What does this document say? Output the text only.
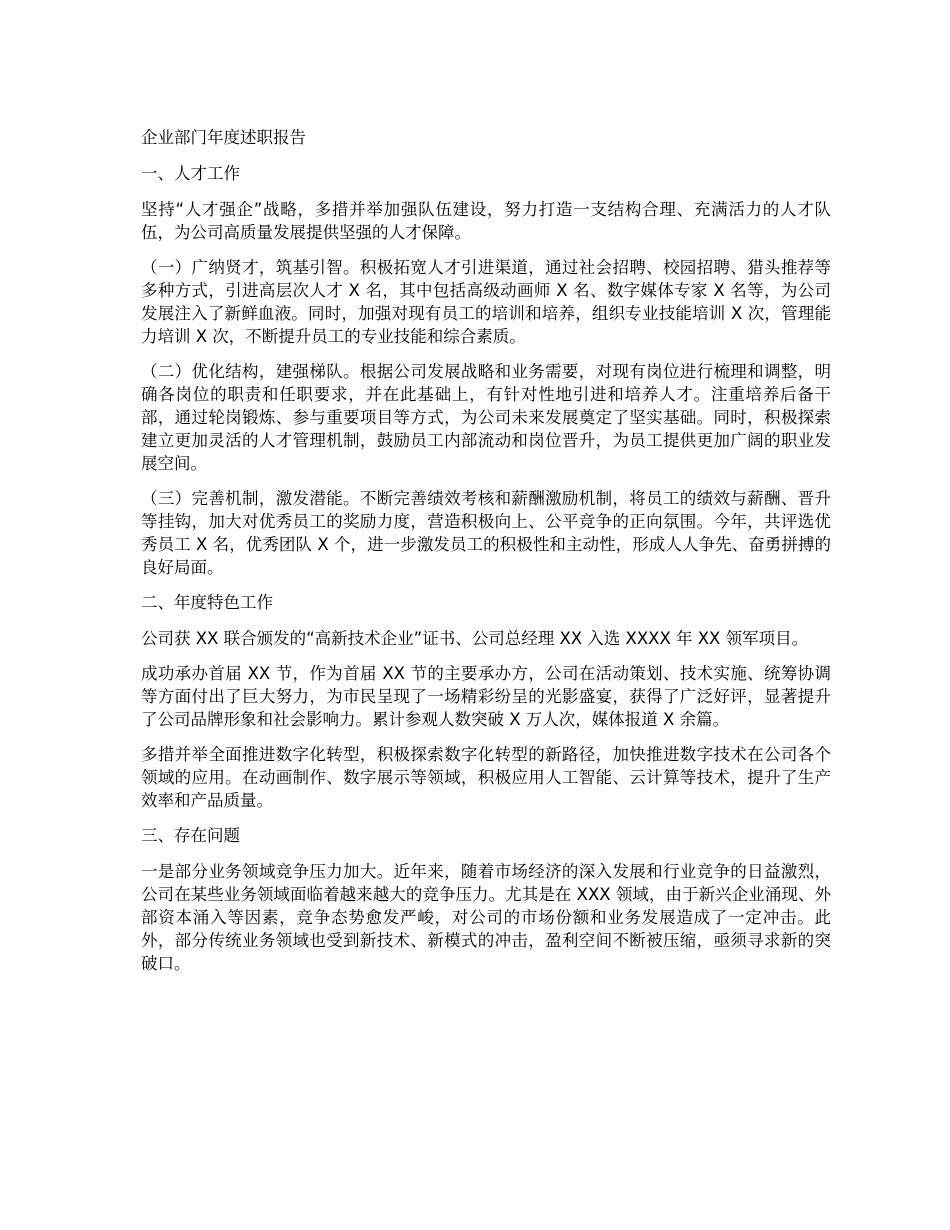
企业部门年度述职报告

一、人才工作

坚持“人才强企”战略，多措并举加强队伍建设，努力打造一支结构合理、充满活力的人才队伍，为公司高质量发展提供坚强的人才保障。

（一）广纳贤才，筑基引智。积极拓宽人才引进渠道，通过社会招聘、校园招聘、猎头推荐等多种方式，引进高层次人才 X 名，其中包括高级动画师 X 名、数字媒体专家 X 名等，为公司发展注入了新鲜血液。同时，加强对现有员工的培训和培养，组织专业技能培训 X 次，管理能力培训 X 次，不断提升员工的专业技能和综合素质。

（二）优化结构，建强梯队。根据公司发展战略和业务需要，对现有岗位进行梳理和调整，明确各岗位的职责和任职要求，并在此基础上，有针对性地引进和培养人才。注重培养后备干部，通过轮岗锻炼、参与重要项目等方式，为公司未来发展奠定了坚实基础。同时，积极探索建立更加灵活的人才管理机制，鼓励员工内部流动和岗位晋升，为员工提供更加广阔的职业发展空间。

（三）完善机制，激发潜能。不断完善绩效考核和薪酬激励机制，将员工的绩效与薪酬、晋升等挂钩，加大对优秀员工的奖励力度，营造积极向上、公平竞争的正向氛围。今年，共评选优秀员工 X 名，优秀团队 X 个，进一步激发员工的积极性和主动性，形成人人争先、奋勇拼搏的良好局面。

二、年度特色工作

公司获 XX 联合颁发的“高新技术企业”证书、公司总经理 XX 入选 XXXX 年 XX 领军项目。

成功承办首届 XX 节，作为首届 XX 节的主要承办方，公司在活动策划、技术实施、统筹协调等方面付出了巨大努力，为市民呈现了一场精彩纷呈的光影盛宴，获得了广泛好评，显著提升了公司品牌形象和社会影响力。累计参观人数突破 X 万人次，媒体报道 X 余篇。

多措并举全面推进数字化转型，积极探索数字化转型的新路径，加快推进数字技术在公司各个领域的应用。在动画制作、数字展示等领域，积极应用人工智能、云计算等技术，提升了生产效率和产品质量。

三、存在问题

一是部分业务领域竞争压力加大。近年来，随着市场经济的深入发展和行业竞争的日益激烈，公司在某些业务领域面临着越来越大的竞争压力。尤其是在 XXX 领域，由于新兴企业涌现、外部资本涌入等因素，竞争态势愈发严峻，对公司的市场份额和业务发展造成了一定冲击。此外，部分传统业务领域也受到新技术、新模式的冲击，盈利空间不断被压缩，亟须寻求新的突破口。
